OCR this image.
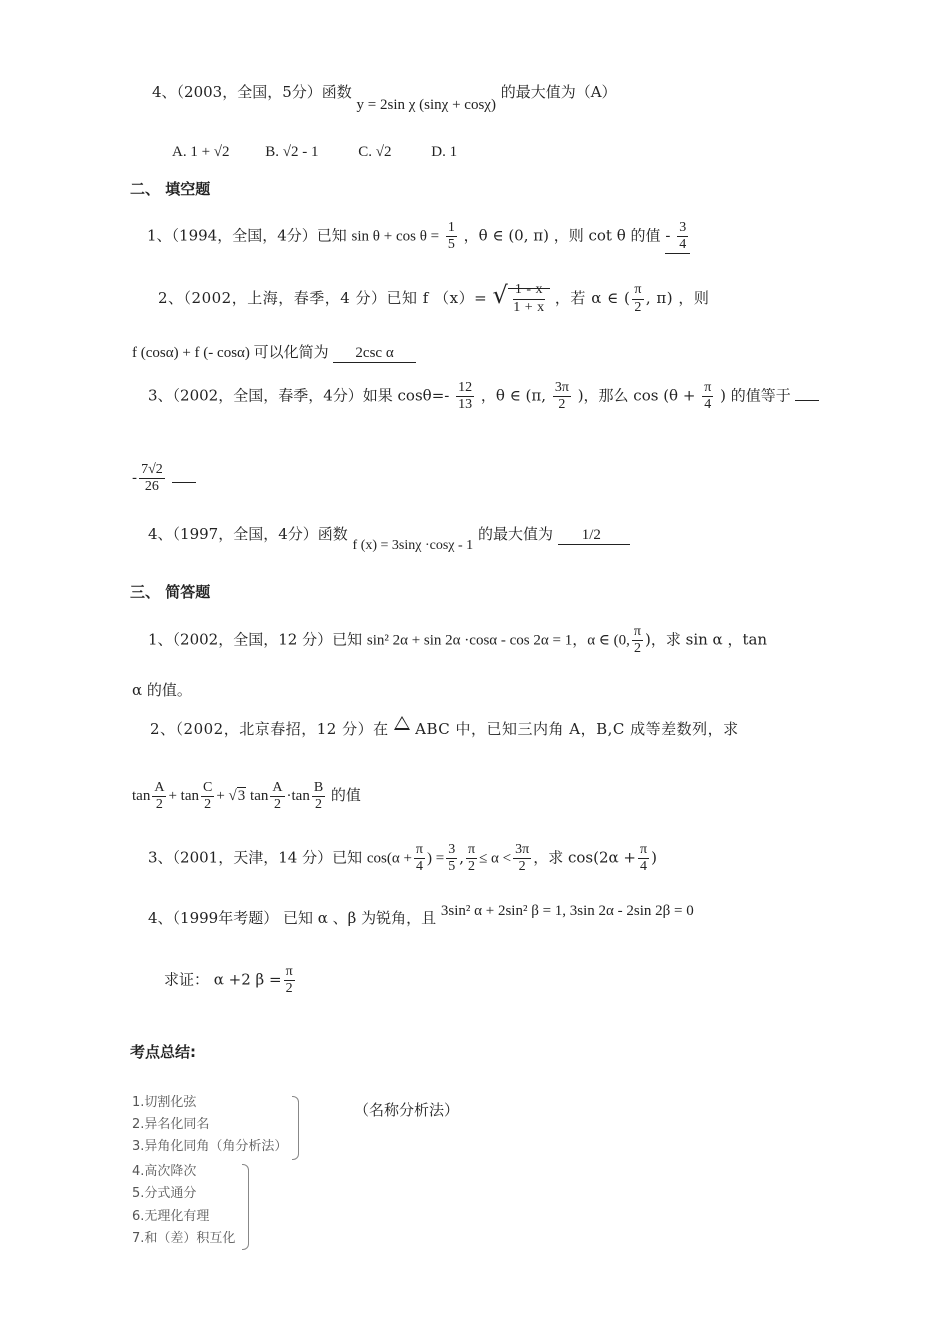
4、（2003，全国，5分）函数 y = 2sin χ (sinχ + cosχ) 的最大值为（A）
A. 1 + √2 B. √2 - 1	C. √2	D. 1
二、 填空题
1、（1994，全国，4分）已知 $\sin \theta + \cos \theta = \frac{1}{5}$ ，θ ∈ (0, π) ，则 cot θ 的值 - $\frac{3}{4}$
2、（2002，上海，春季，4 分）已知 f （x）= √ $\frac{1 - x}{1 + x}$ ，若 α ∈ ( $\frac{\pi}{2}$ , π) ，则
f (cosα) + f (- cosα) 可以化简为 2csc α
3、（2002，全国，春季，4分）如果 $\cos\theta=- \frac{12}{13}$ ，θ ∈ (π, $\frac{3\pi}{2}$ )，那么 $\cos (\theta + \frac{\pi}{4}$ ) 的值等于
- $\frac{7√2}{26}$

4、（1997，全国，4分）函数 f (x) = 3sinχ ·cosχ - 1 的最大值为 1/2
三、 简答题
1、（2002，全国，12 分）已知 sin² 2α + sin 2α ·cosα - cos 2α = 1，α ∈ (0, $\frac{\pi}{2}$ )，求 sin α ，tan
α 的值。
2、（2002，北京春招，12 分）在 ABC 中，已知三内角 A，B,C 成等差数列，求
$\tan \frac{A}{2} + \tan \frac{C}{2} + √3$ $\tan \frac{A}{2} \cdot\tan \frac{B}{2}$ 的值
3、（2001，天津，14 分）已知 $\cos(\alpha + \frac{\pi}{4}$ ) = $\frac{3}{5}$ , $\frac{\pi}{2} \le \alpha < \frac{3\pi}{2}$ ，求 $\cos(2\alpha + \frac{\pi}{4}$ )
4、（1999年考题） 已知 α 、β 为锐角，且 3sin² α + 2sin² β = 1, 3sin 2α - 2sin 2β = 0
求证： α +2 $\beta = \frac{\pi}{2}$
考点总结:
1.切割化弦
2.异名化同名
3.异角化同角（角分析法）
4.高次降次
5.分式通分
6.无理化有理
7.和（差）积互化
（名称分析法）
